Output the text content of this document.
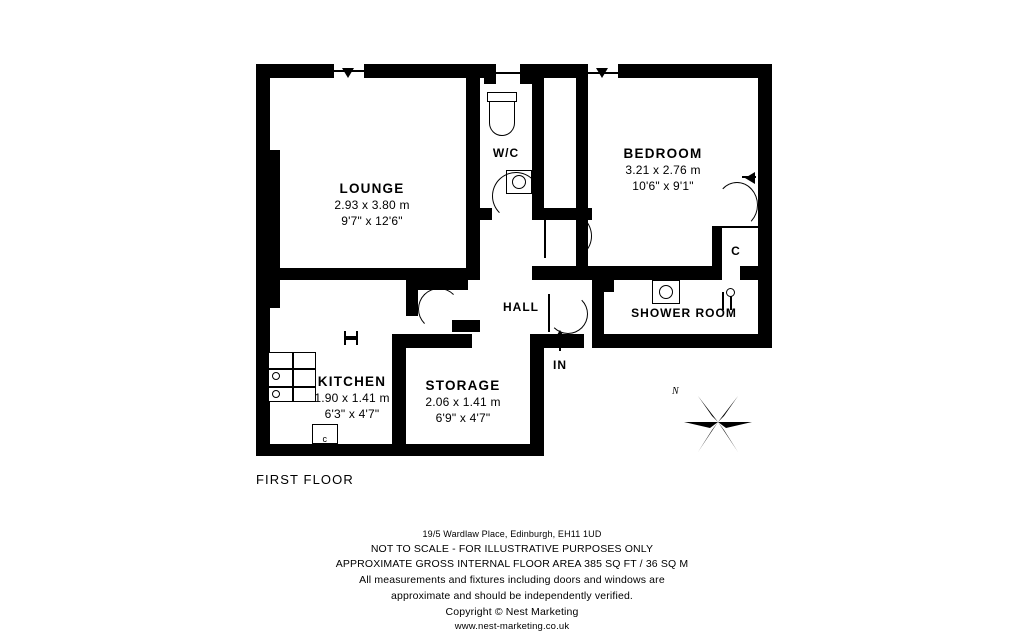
IN
LOUNGE
2.93 x 3.80 m
9'7" x 12'6"
W/C	BEDROOM
3.21 x 2.76 m
10'6" x 9'1"
HALL	SHOWER ROOM
KITCHEN
1.90 x 1.41 m
6'3" x 4'7"
STORAGE
2.06 x 1.41 m
6'9" x 4'7"
C
c
FIRST FLOOR
N
19/5 Wardlaw Place, Edinburgh, EH11 1UD
NOT TO SCALE - FOR ILLUSTRATIVE PURPOSES ONLY
APPROXIMATE GROSS INTERNAL FLOOR AREA 385 SQ FT / 36 SQ M
All measurements and fixtures including doors and windows are
approximate and should be independently verified.
Copyright © Nest Marketing
www.nest-marketing.co.uk
